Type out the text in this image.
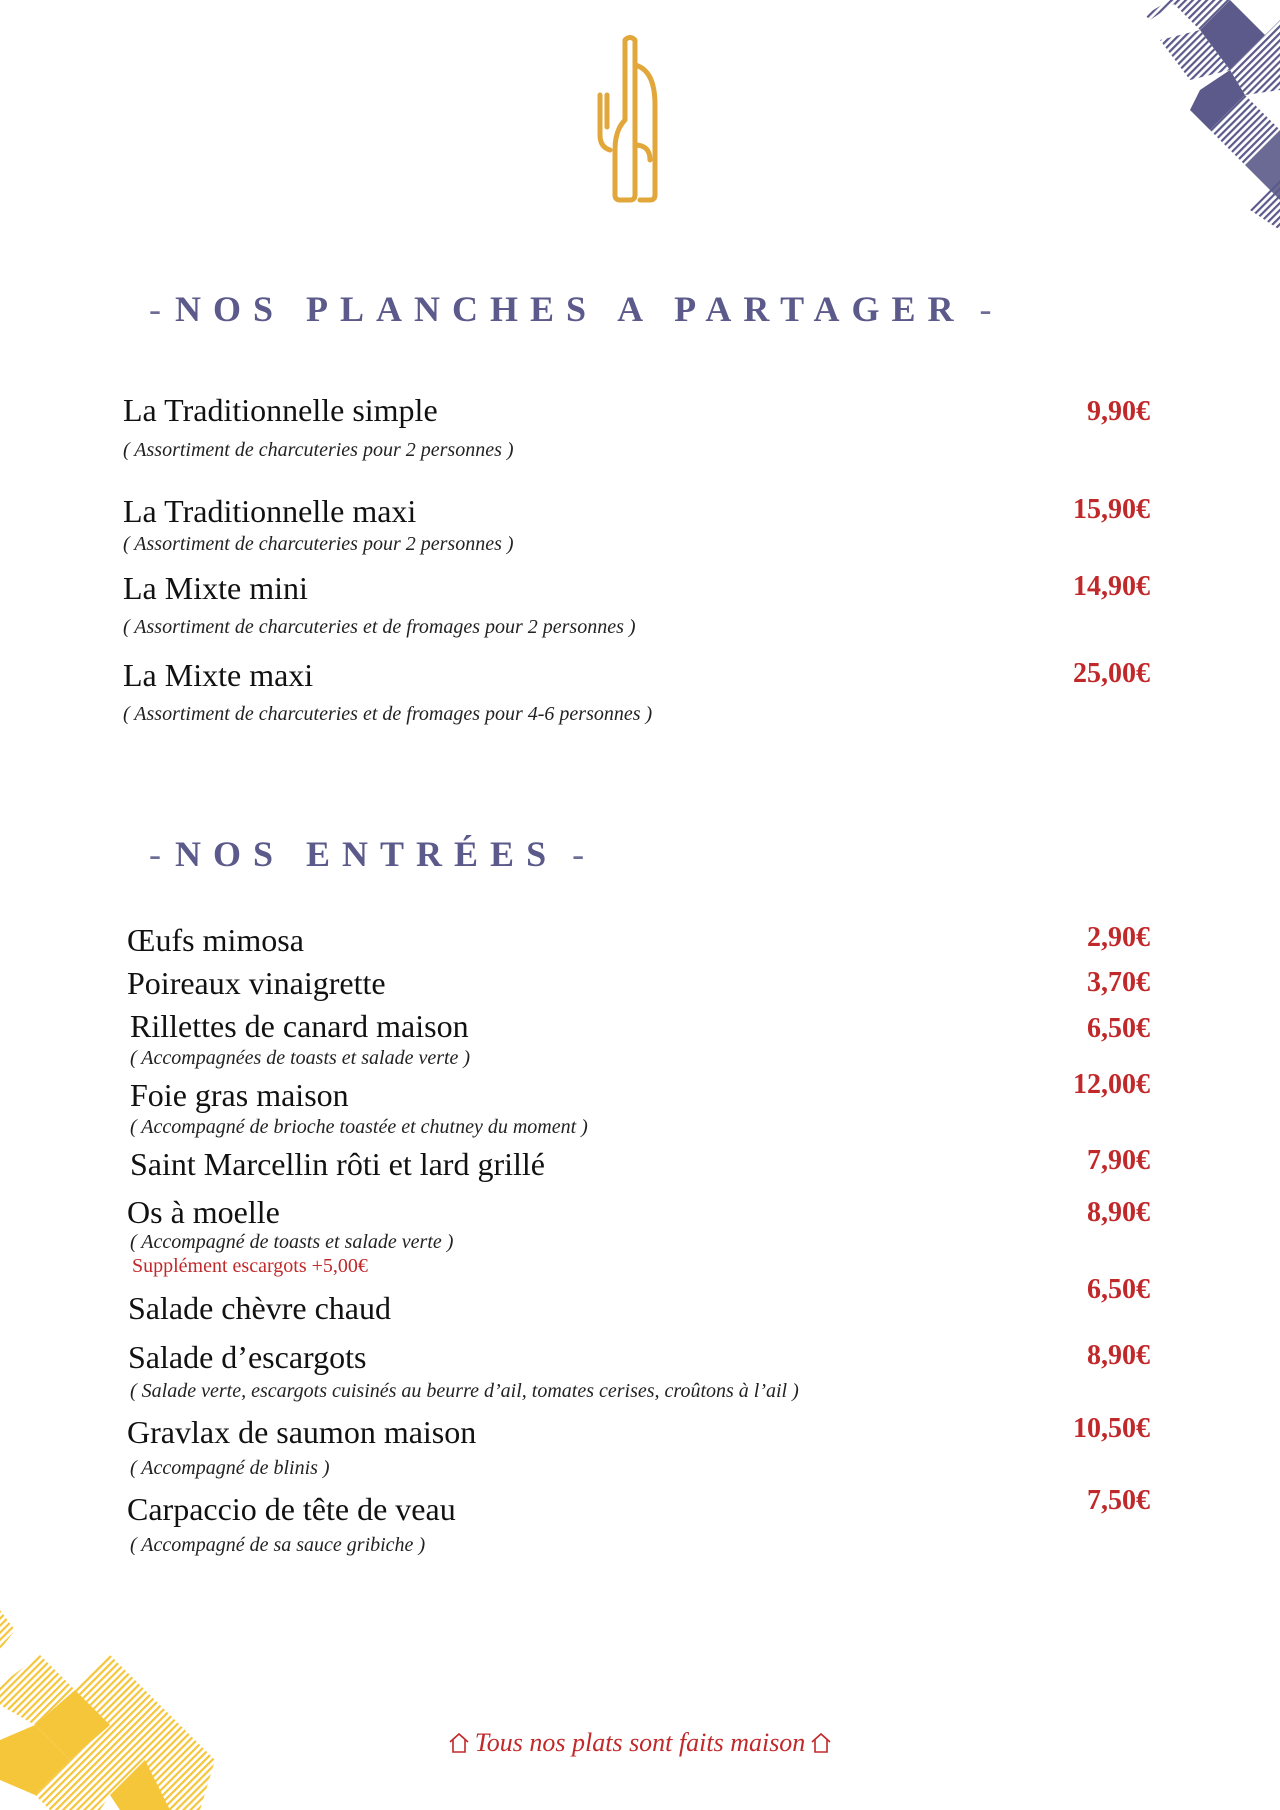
- NOS PLANCHES A PARTAGER -
La Traditionnelle simple
( Assortiment de charcuteries pour 2 personnes )
9,90€
La Traditionnelle maxi
( Assortiment de charcuteries pour 2 personnes )
15,90€
La Mixte mini
( Assortiment de charcuteries et de fromages pour 2 personnes )
14,90€
La Mixte maxi
( Assortiment de charcuteries et de fromages pour 4-6 personnes )
25,00€
- NOS ENTRÉES -
Œufs mimosa	2,90€
Poireaux vinaigrette	3,70€
Rillettes de canard maison
( Accompagnées de toasts et salade verte )
6,50€
Foie gras maison
( Accompagné de brioche toastée et chutney du moment )
12,00€
Saint Marcellin rôti et lard grillé	7,90€
Os à moelle
( Accompagné de toasts et salade verte )
Supplément escargots +5,00€
8,90€
Salade chèvre chaud
6,50€
Salade d’escargots
( Salade verte, escargots cuisinés au beurre d’ail, tomates cerises, croûtons à l’ail )
8,90€
Gravlax de saumon maison
( Accompagné de blinis )
10,50€
Carpaccio de tête de veau
( Accompagné de sa sauce gribiche )
7,50€
Tous nos plats sont faits maison
